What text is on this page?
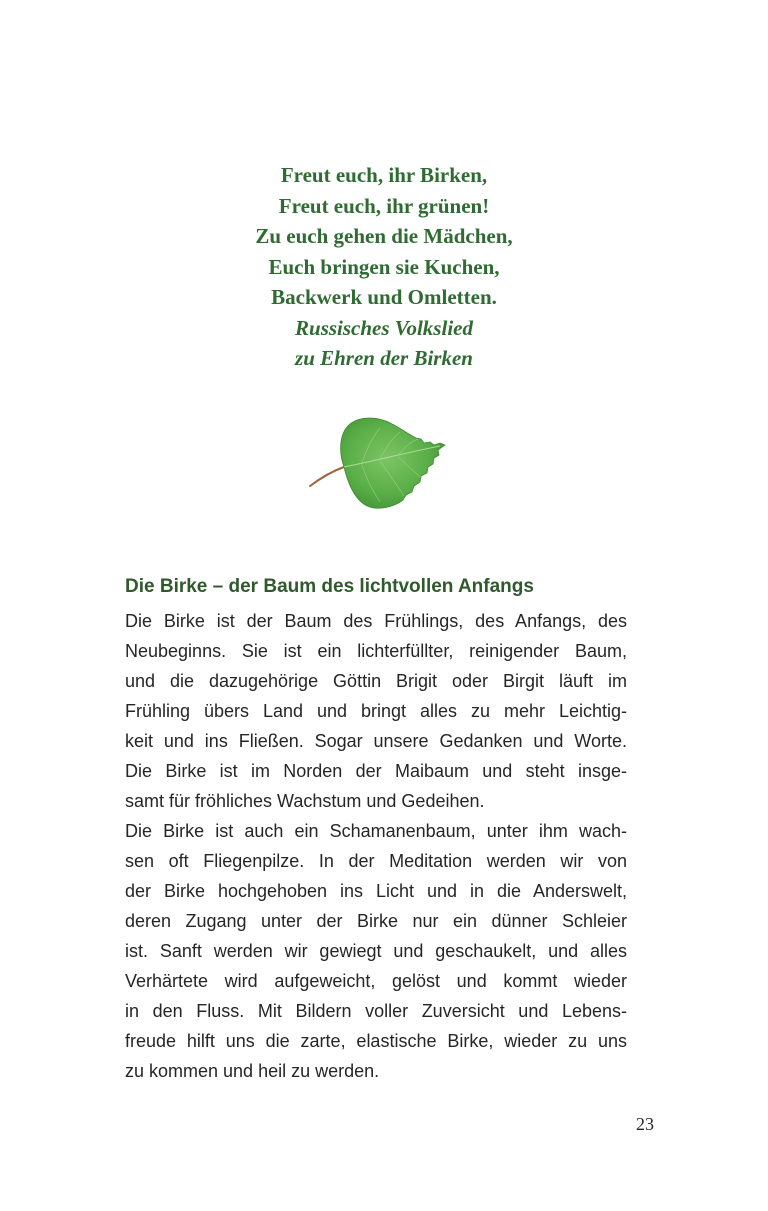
Freut euch, ihr Birken,
Freut euch, ihr grünen!
Zu euch gehen die Mädchen,
Euch bringen sie Kuchen,
Backwerk und Omletten.
Russisches Volkslied
zu Ehren der Birken
Die Birke – der Baum des lichtvollen Anfangs
Die Birke ist der Baum des Frühlings, des Anfangs, des
Neubeginns. Sie ist ein lichterfüllter, reinigender Baum,
und die dazugehörige Göttin Brigit oder Birgit läuft im
Frühling übers Land und bringt alles zu mehr Leichtig-
keit und ins Fließen. Sogar unsere Gedanken und Worte.
Die Birke ist im Norden der Maibaum und steht insge-
samt für fröhliches Wachstum und Gedeihen.
Die Birke ist auch ein Schamanenbaum, unter ihm wach-
sen oft Fliegenpilze. In der Meditation werden wir von
der Birke hochgehoben ins Licht und in die Anderswelt,
deren Zugang unter der Birke nur ein dünner Schleier
ist. Sanft werden wir gewiegt und geschaukelt, und alles
Verhärtete wird aufgeweicht, gelöst und kommt wieder
in den Fluss. Mit Bildern voller Zuversicht und Lebens-
freude hilft uns die zarte, elastische Birke, wieder zu uns
zu kommen und heil zu werden.
23
